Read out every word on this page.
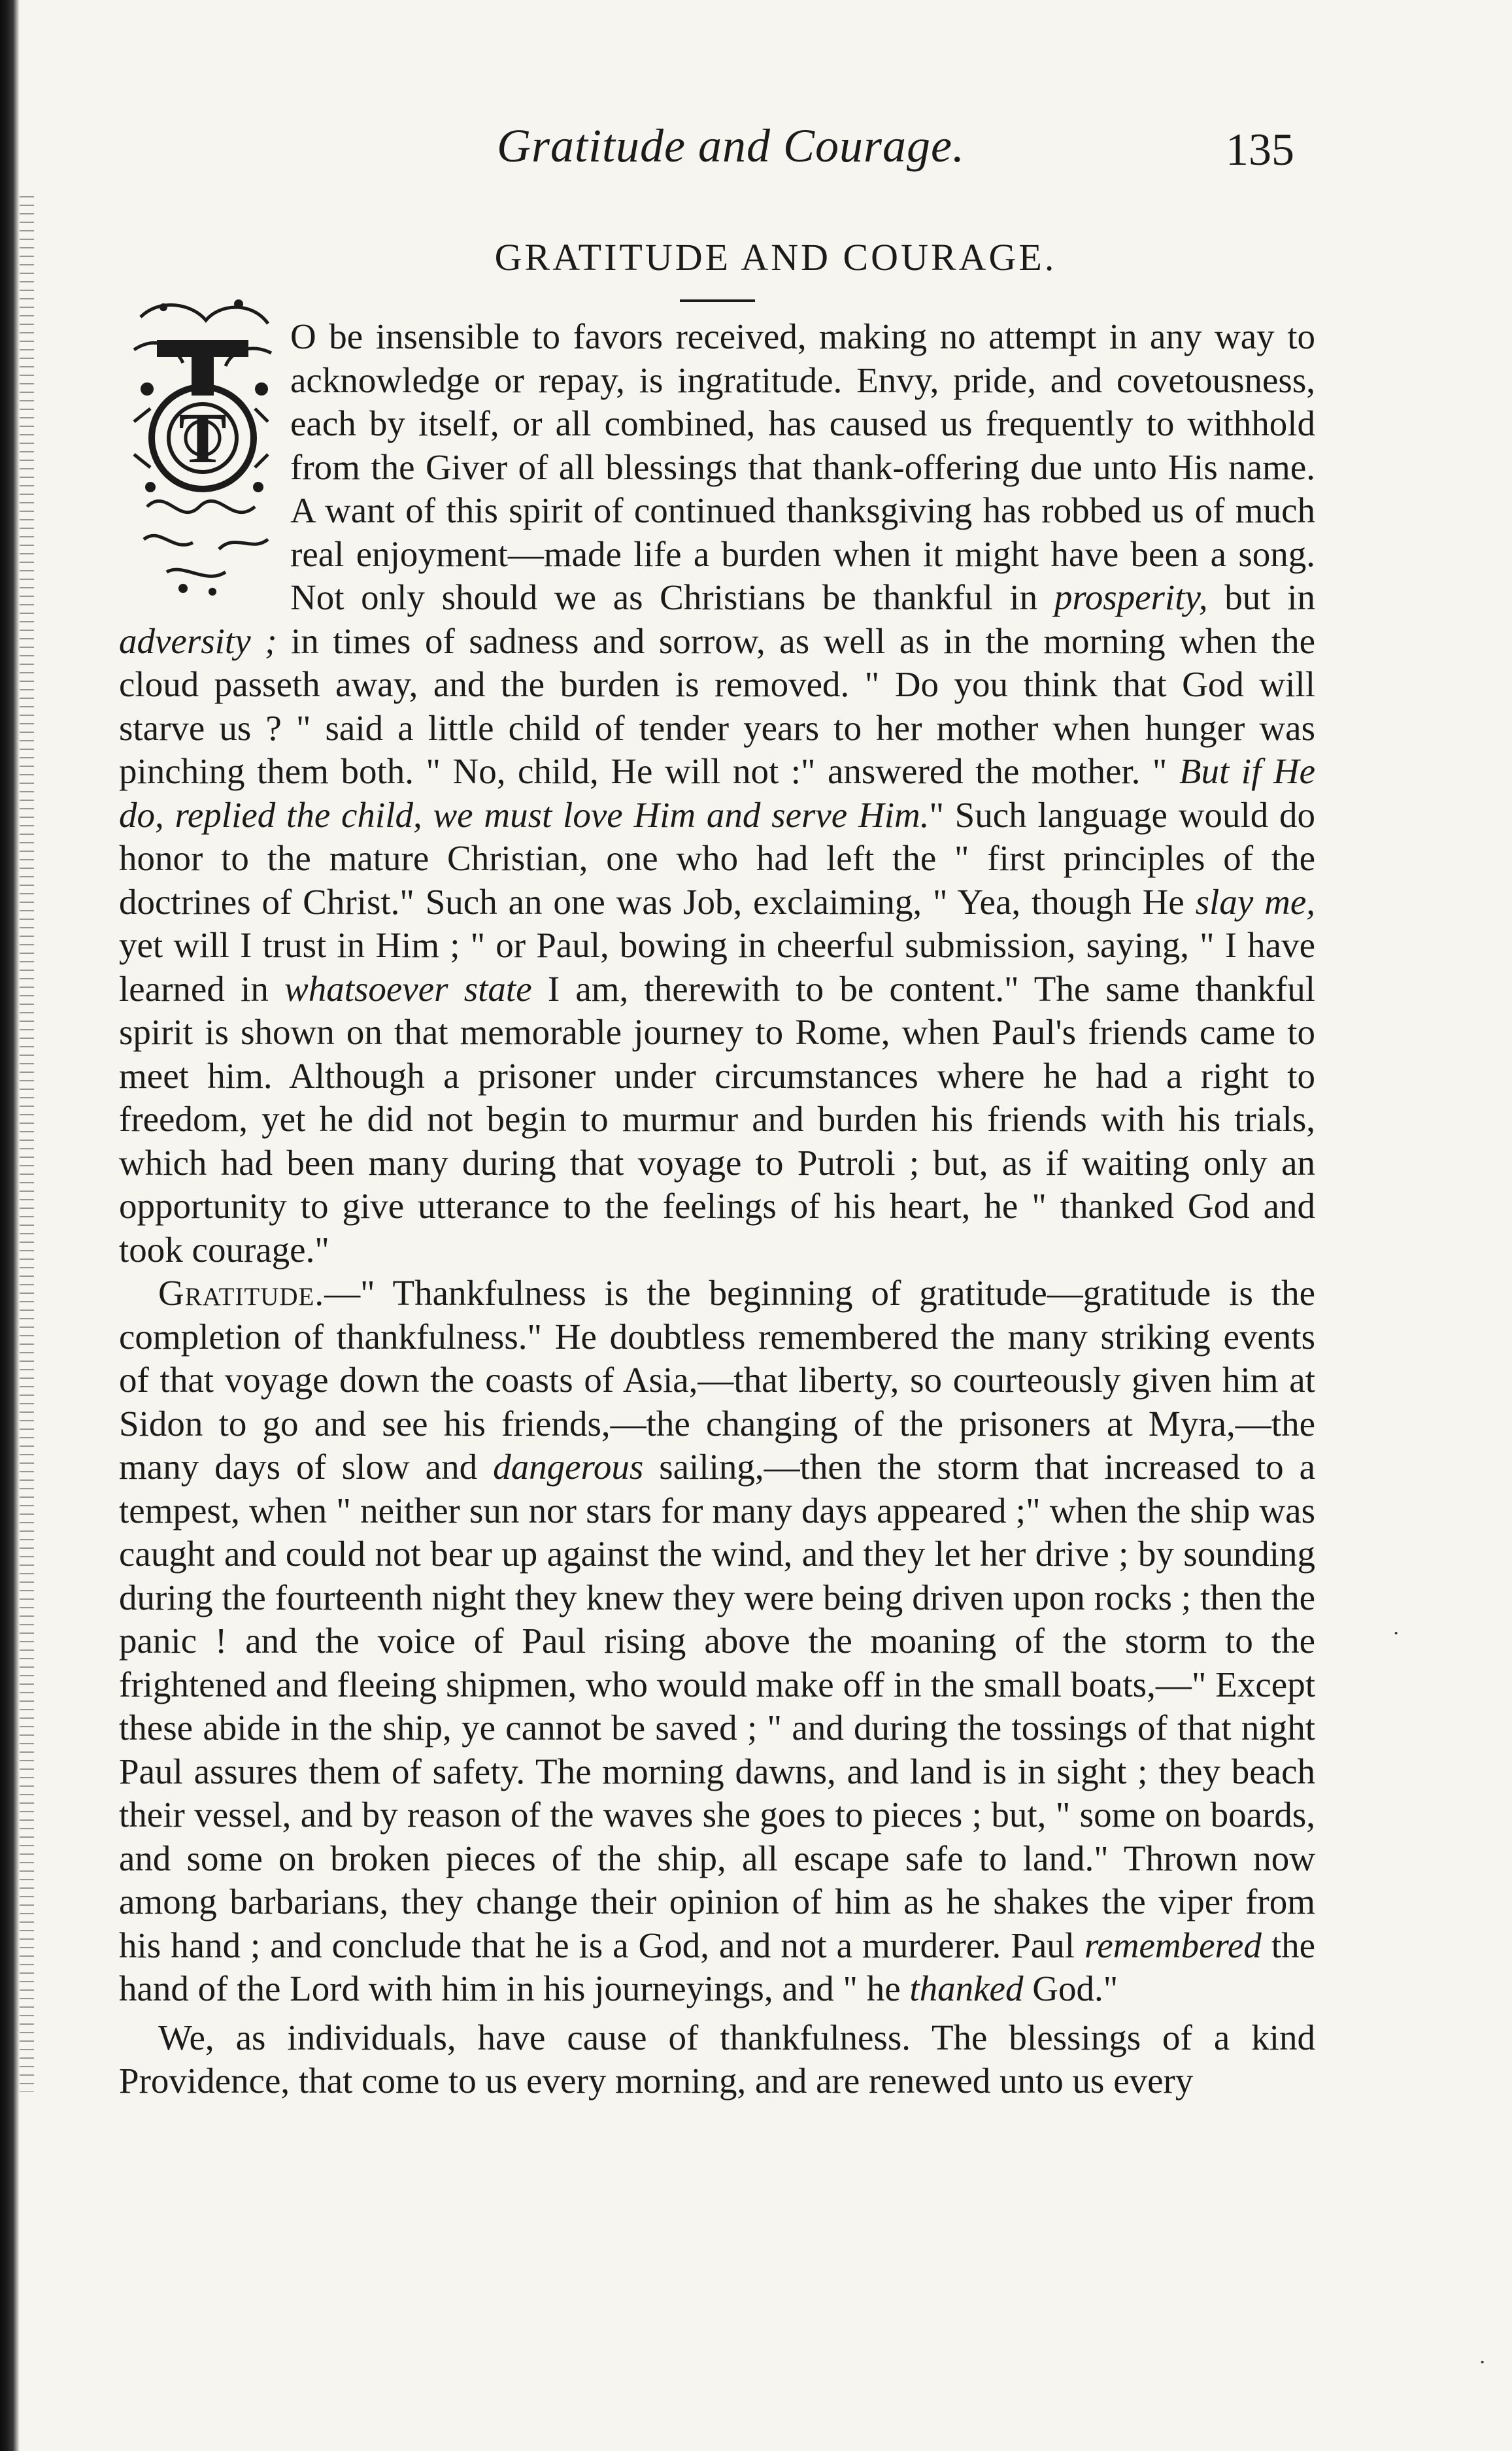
Gratitude and Courage.	135
GRATITUDE AND COURAGE.
T

O be insensible to favors received, making no attempt in any way to acknowledge or repay, is ingratitude. Envy, pride, and covetousness, each by itself, or all combined, has caused us frequently to withhold from the Giver of all blessings that thank-offering due unto His name. A want of this spirit of continued thanksgiving has robbed us of much real enjoyment—made life a burden when it might have been a song. Not only should we as Christians be thankful in prosperity, but in adversity ; in times of sadness and sorrow, as well as in the morning when the cloud passeth away, and the burden is removed. " Do you think that God will starve us ? " said a little child of tender years to her mother when hunger was pinching them both. " No, child, He will not :" answered the mother. " But if He do, replied the child, we must love Him and serve Him." Such language would do honor to the mature Christian, one who had left the " first principles of the doctrines of Christ." Such an one was Job, exclaiming, " Yea, though He slay me, yet will I trust in Him ; " or Paul, bowing in cheerful submission, saying, " I have learned in whatsoever state I am, therewith to be content." The same thankful spirit is shown on that memorable journey to Rome, when Paul's friends came to meet him. Although a prisoner under circumstances where he had a right to freedom, yet he did not begin to murmur and burden his friends with his trials, which had been many during that voyage to Putroli ; but, as if waiting only an opportunity to give utterance to the feelings of his heart, he " thanked God and took courage."

Gratitude.—" Thankfulness is the beginning of gratitude—gratitude is the completion of thankfulness." He doubtless remembered the many striking events of that voyage down the coasts of Asia,—that liberty, so courteously given him at Sidon to go and see his friends,—the changing of the prisoners at Myra,—the many days of slow and dangerous sailing,—then the storm that increased to a tempest, when " neither sun nor stars for many days appeared ;" when the ship was caught and could not bear up against the wind, and they let her drive ; by sounding during the fourteenth night they knew they were being driven upon rocks ; then the panic ! and the voice of Paul rising above the moaning of the storm to the frightened and fleeing shipmen, who would make off in the small boats,—" Except these abide in the ship, ye cannot be saved ; " and during the tossings of that night Paul assures them of safety. The morning dawns, and land is in sight ; they beach their vessel, and by reason of the waves she goes to pieces ; but, " some on boards, and some on broken pieces of the ship, all escape safe to land." Thrown now among barbarians, they change their opinion of him as he shakes the viper from his hand ; and conclude that he is a God, and not a murderer. Paul remembered the hand of the Lord with him in his journeyings, and " he thanked God."

We, as individuals, have cause of thankfulness. The blessings of a kind Providence, that come to us every morning, and are renewed unto us every

·
·
